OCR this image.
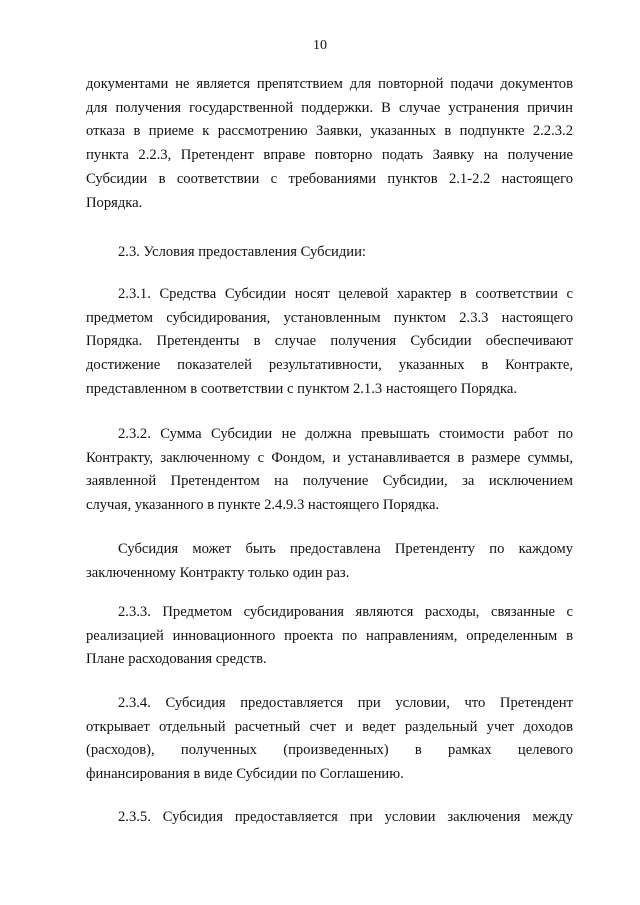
10
документами не является препятствием для повторной подачи документов
для получения государственной поддержки. В случае устранения причин
отказа в приеме к рассмотрению Заявки, указанных в подпункте 2.2.3.2
пункта 2.2.3, Претендент вправе повторно подать Заявку на получение
Субсидии в соответствии с требованиями пунктов 2.1-2.2 настоящего
Порядка.
2.3. Условия предоставления Субсидии:
2.3.1. Средства Субсидии носят целевой характер в соответствии с
предметом субсидирования, установленным пунктом 2.3.3 настоящего
Порядка. Претенденты в случае получения Субсидии обеспечивают
достижение показателей результативности, указанных в Контракте,
представленном в соответствии с пунктом 2.1.3 настоящего Порядка.
2.3.2. Сумма Субсидии не должна превышать стоимости работ по
Контракту, заключенному с Фондом, и устанавливается в размере суммы,
заявленной Претендентом на получение Субсидии, за исключением
случая, указанного в пункте 2.4.9.3 настоящего Порядка.
Субсидия может быть предоставлена Претенденту по каждому
заключенному Контракту только один раз.
2.3.3. Предметом субсидирования являются расходы, связанные с
реализацией инновационного проекта по направлениям, определенным в
Плане расходования средств.
2.3.4. Субсидия предоставляется при условии, что Претендент
открывает отдельный расчетный счет и ведет раздельный учет доходов
(расходов), полученных (произведенных) в рамках целевого
финансирования в виде Субсидии по Соглашению.
2.3.5. Субсидия предоставляется при условии заключения между
